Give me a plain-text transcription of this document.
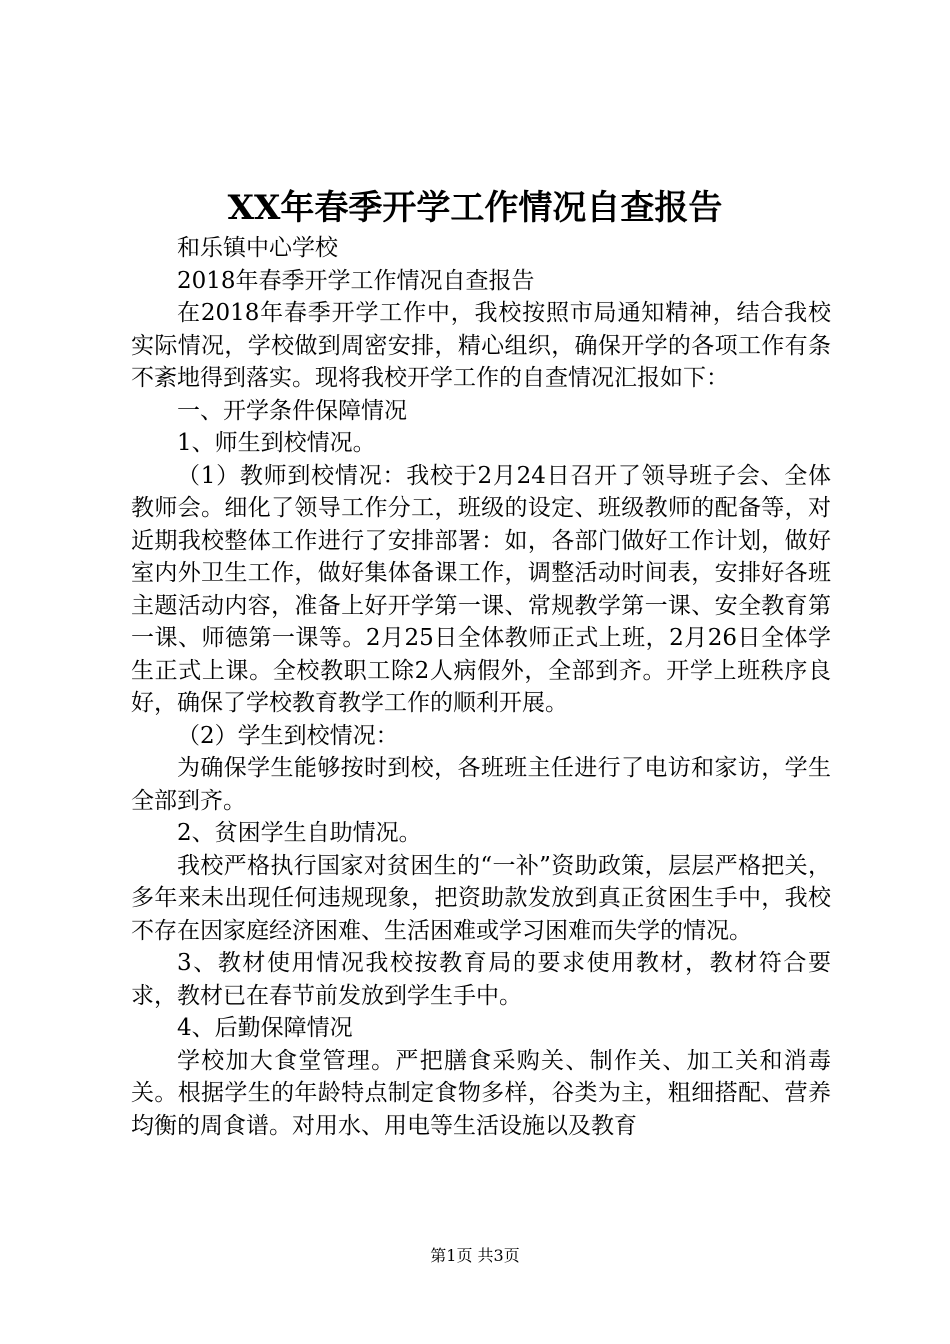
XX年春季开学工作情况自查报告

和乐镇中心学校

2018年春季开学工作情况自查报告

在2018年春季开学工作中，我校按照市局通知精神，结合我校实际情况，学校做到周密安排，精心组织，确保开学的各项工作有条不紊地得到落实。现将我校开学工作的自查情况汇报如下：

一、开学条件保障情况

1、师生到校情况。

（1）教师到校情况：我校于2月24日召开了领导班子会、全体教师会。细化了领导工作分工，班级的设定、班级教师的配备等，对近期我校整体工作进行了安排部署：如，各部门做好工作计划，做好室内外卫生工作，做好集体备课工作，调整活动时间表，安排好各班主题活动内容，准备上好开学第一课、常规教学第一课、安全教育第一课、师德第一课等。2月25日全体教师正式上班，2月26日全体学生正式上课。全校教职工除2人病假外，全部到齐。开学上班秩序良好，确保了学校教育教学工作的顺利开展。

（2）学生到校情况：

为确保学生能够按时到校，各班班主任进行了电访和家访，学生全部到齐。

2、贫困学生自助情况。

我校严格执行国家对贫困生的“一补”资助政策，层层严格把关，多年来未出现任何违规现象，把资助款发放到真正贫困生手中，我校不存在因家庭经济困难、生活困难或学习困难而失学的情况。

3、教材使用情况我校按教育局的要求使用教材，教材符合要求，教材已在春节前发放到学生手中。

4、后勤保障情况

学校加大食堂管理。严把膳食采购关、制作关、加工关和消毒关。根据学生的年龄特点制定食物多样，谷类为主，粗细搭配、营养均衡的周食谱。对用水、用电等生活设施以及教育

第1页 共3页
